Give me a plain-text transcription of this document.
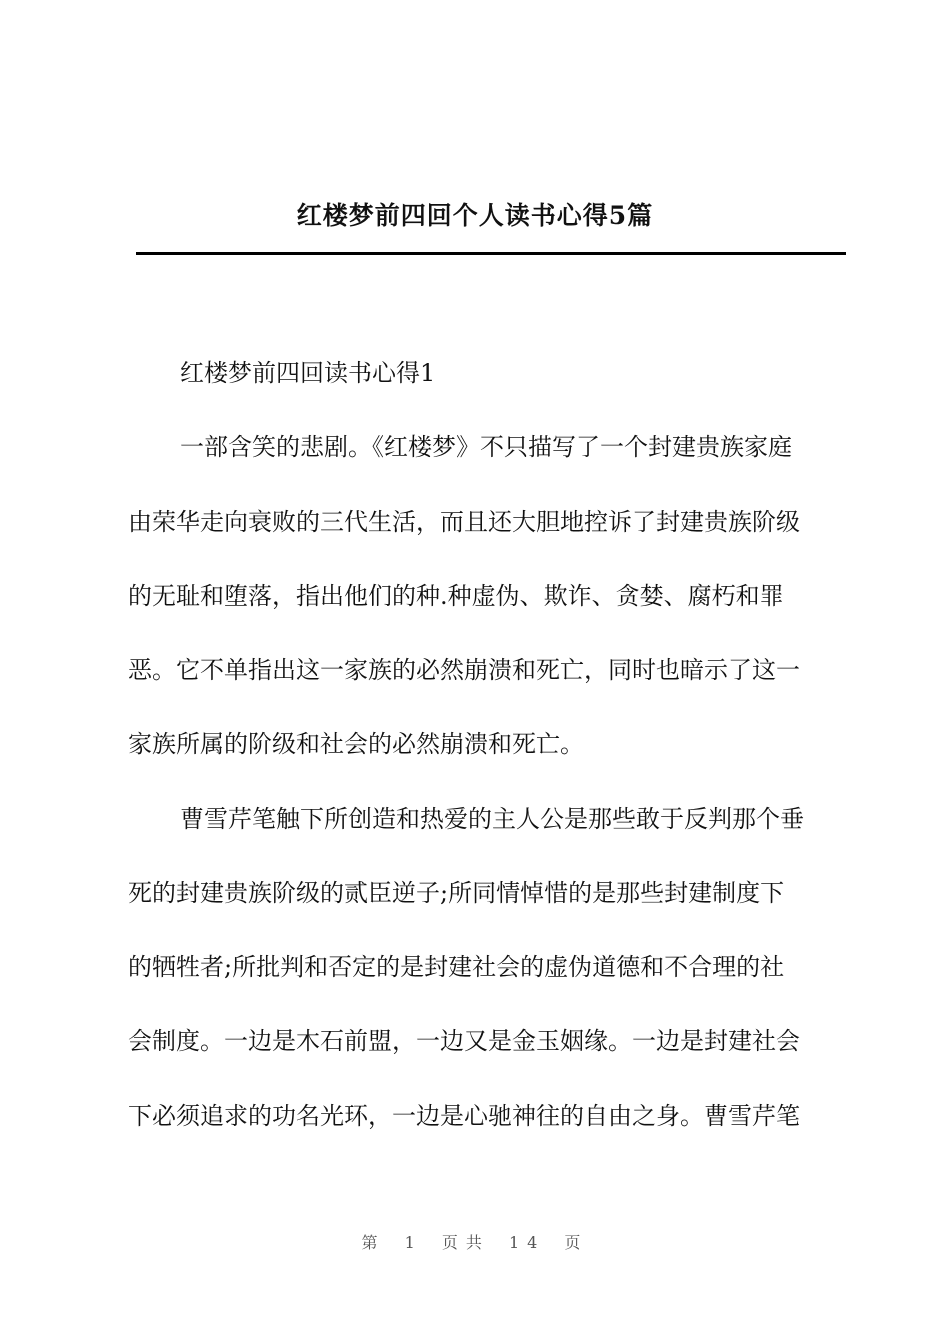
红楼梦前四回个人读书心得5篇

红楼梦前四回读书心得1

一部含笑的悲剧。《红楼梦》不只描写了一个封建贵族家庭

由荣华走向衰败的三代生活，而且还大胆地控诉了封建贵族阶级

的无耻和堕落，指出他们的种.种虚伪、欺诈、贪婪、腐朽和罪

恶。它不单指出这一家族的必然崩溃和死亡，同时也暗示了这一

家族所属的阶级和社会的必然崩溃和死亡。

曹雪芹笔触下所创造和热爱的主人公是那些敢于反判那个垂

死的封建贵族阶级的贰臣逆子;所同情悼惜的是那些封建制度下

的牺牲者;所批判和否定的是封建社会的虚伪道德和不合理的社

会制度。一边是木石前盟，一边又是金玉姻缘。一边是封建社会

下必须追求的功名光环，一边是心驰神往的自由之身。曹雪芹笔

第 1 页共 14 页
